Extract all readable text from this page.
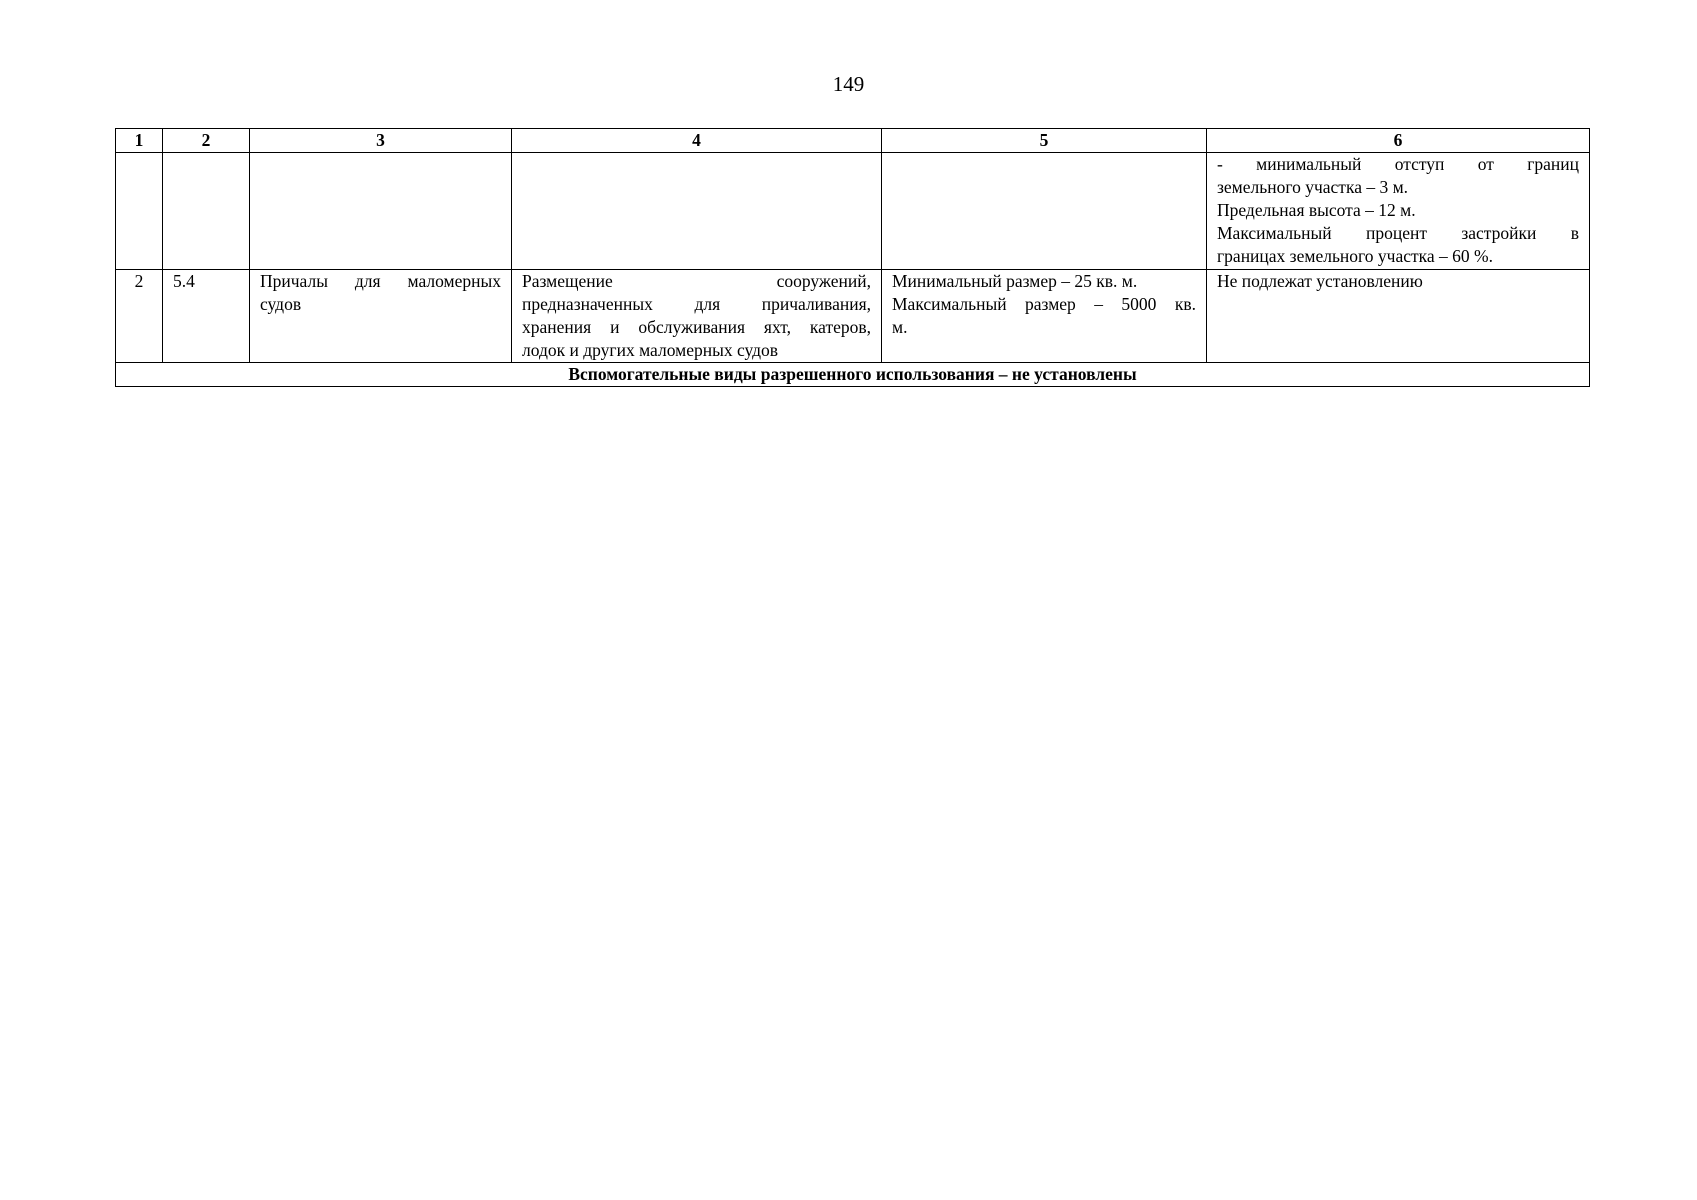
149
1	2	3	4	5	6

					- минимальный отступ от границ
земельного участка – 3 м.
Предельная высота – 12 м.
Максимальный процент застройки в
границах земельного участка – 60 %.

2	5.4	Причалы для маломерных
судов	Размещение сооружений,
предназначенных для причаливания,
хранения и обслуживания яхт, катеров,
лодок и других маломерных судов	Минимальный размер – 25 кв. м.
Максимальный размер – 5000 кв.
м.	Не подлежат установлению
Вспомогательные виды разрешенного использования – не установлены					
